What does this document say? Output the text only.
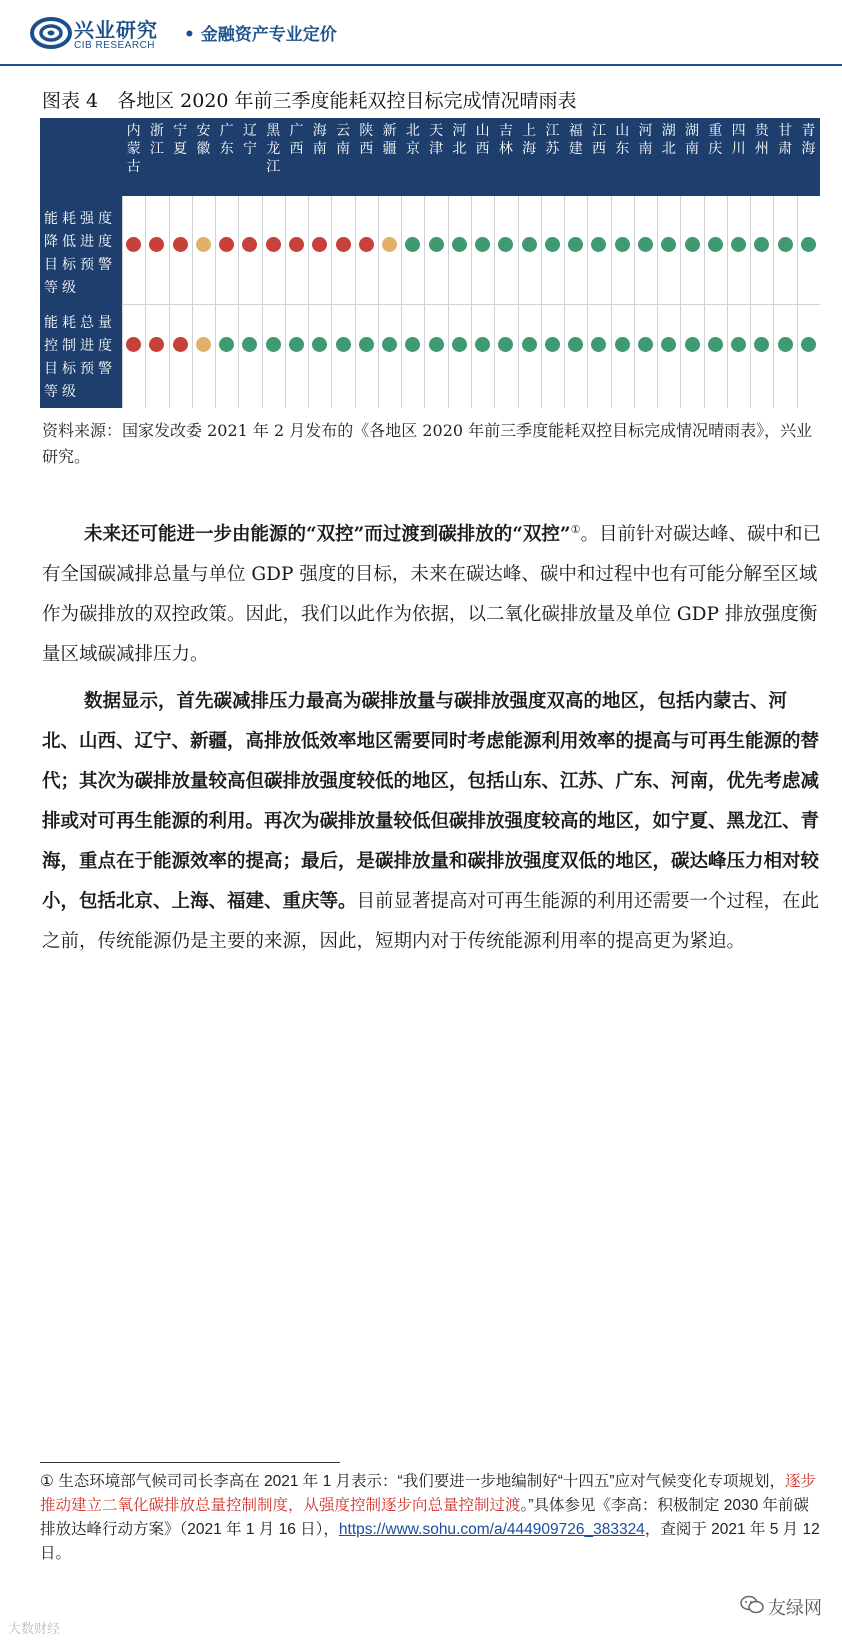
兴业研究
CIB RESEARCH
• 金融资产专业定价
图表 4　各地区 2020 年前三季度能耗双控目标完成情况晴雨表
能耗强度降低进度目标预警等级
能耗总量控制进度目标预警等级
内蒙古
浙江
宁夏
安徽
广东
辽宁
黑龙江
广西
海南
云南
陕西
新疆
北京
天津
河北
山西
吉林
上海
江苏
福建
江西
山东
河南
湖北
湖南
重庆
四川
贵州
甘肃
青海
资料来源：国家发改委 2021 年 2 月发布的《各地区 2020 年前三季度能耗双控目标完成情况晴雨表》，兴业研究。
未来还可能进一步由能源的“双控”而过渡到碳排放的“双控”①。目前针对碳达峰、碳中和已有全国碳减排总量与单位 GDP 强度的目标，未来在碳达峰、碳中和过程中也有可能分解至区域作为碳排放的双控政策。因此，我们以此作为依据，以二氧化碳排放量及单位 GDP 排放强度衡量区域碳减排压力。
数据显示，首先碳减排压力最高为碳排放量与碳排放强度双高的地区，包括内蒙古、河北、山西、辽宁、新疆，高排放低效率地区需要同时考虑能源利用效率的提高与可再生能源的替代；其次为碳排放量较高但碳排放强度较低的地区，包括山东、江苏、广东、河南，优先考虑减排或对可再生能源的利用。再次为碳排放量较低但碳排放强度较高的地区，如宁夏、黑龙江、青海，重点在于能源效率的提高；最后，是碳排放量和碳排放强度双低的地区，碳达峰压力相对较小，包括北京、上海、福建、重庆等。目前显著提高对可再生能源的利用还需要一个过程，在此之前，传统能源仍是主要的来源，因此，短期内对于传统能源利用率的提高更为紧迫。
① 生态环境部气候司司长李高在 2021 年 1 月表示：“我们要进一步地编制好“十四五”应对气候变化专项规划，逐步推动建立二氧化碳排放总量控制制度，从强度控制逐步向总量控制过渡。”具体参见《李高：积极制定 2030 年前碳排放达峰行动方案》（2021 年 1 月 16 日），https://www.sohu.com/a/444909726_383324，查阅于 2021 年 5 月 12 日。
友绿网
大数财经
